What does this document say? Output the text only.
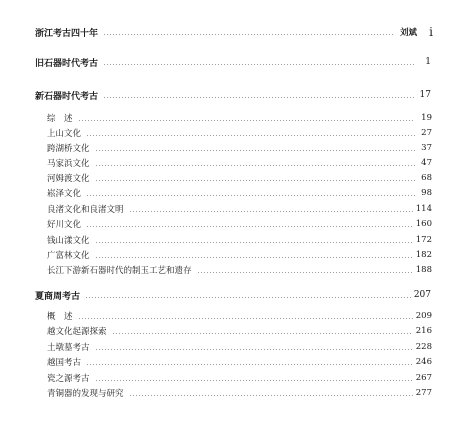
浙江考古四十年	刘斌	i
旧石器时代考古	1
新石器时代考古	17
综　述	19
上山文化	27
跨湖桥文化	37
马家浜文化	47
河姆渡文化	68
崧泽文化	98
良渚文化和良渚文明	114
好川文化	160
钱山漾文化	172
广富林文化	182
长江下游新石器时代的制玉工艺和遗存	188
夏商周考古	207
概　述	209
越文化起源探索	216
土墩墓考古	228
越国考古	246
瓷之源考古	267
青铜器的发现与研究	277
